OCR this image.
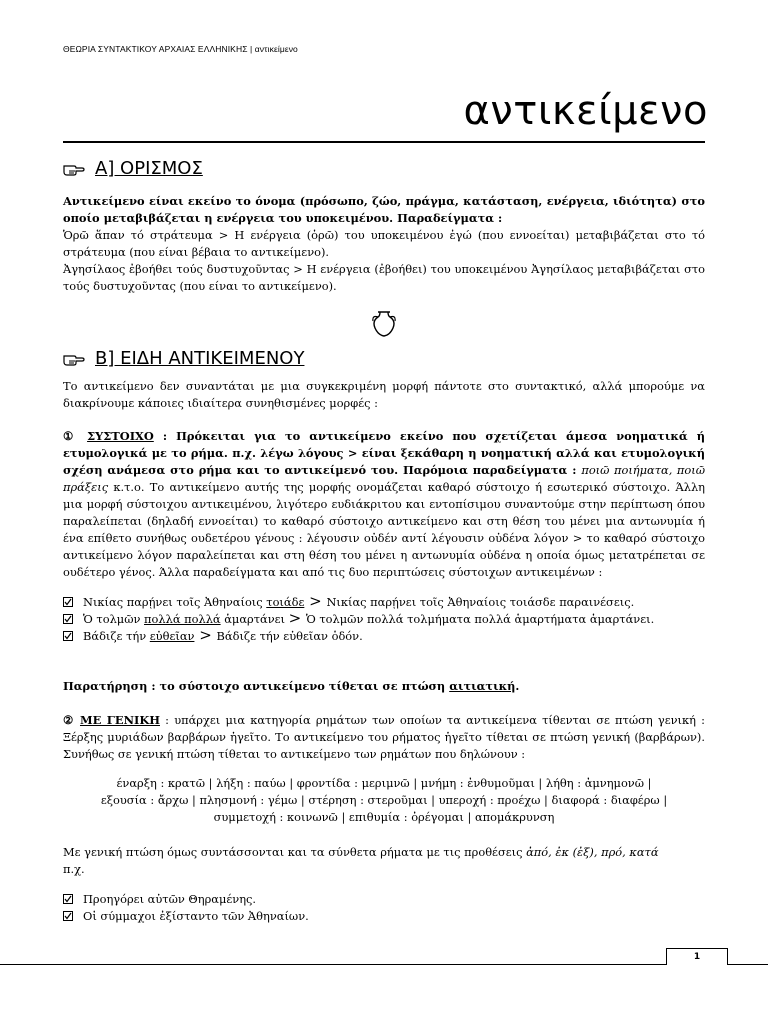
ΘΕΩΡΙΑ ΣΥΝΤΑΚΤΙΚΟΥ ΑΡΧΑΙΑΣ ΕΛΛΗΝΙΚΗΣ | αντικείμενο
αντικείμενο
Α] ΟΡΙΣΜΟΣ

Αντικείμενο είναι εκείνο το όνομα (πρόσωπο, ζώο, πράγμα, κατάσταση, ενέργεια, ιδιότητα) στο οποίο μεταβιβάζεται η ενέργεια του υποκειμένου. Παραδείγματα :

Ὁρῶ ἅπαν τό στράτευμα > Η ενέργεια (ὁρῶ) του υποκειμένου ἐγώ (που εννοείται) μεταβιβάζεται στο τό στράτευμα (που είναι βέβαια το αντικείμενο).

Ἀγησίλαος ἐβοήθει τούς δυστυχοῦντας > Η ενέργεια (ἐβοήθει) του υποκειμένου Ἀγησίλαος μεταβιβάζεται στο τούς δυστυχοῦντας (που είναι το αντικείμενο).

Β] ΕΙΔΗ ΑΝΤΙΚΕΙΜΕΝΟΥ

Το αντικείμενο δεν συναντάται με μια συγκεκριμένη μορφή πάντοτε στο συντακτικό, αλλά μπορούμε να διακρίνουμε κάποιες ιδιαίτερα συνηθισμένες μορφές :

① ΣΥΣΤΟΙΧΟ : Πρόκειται για το αντικείμενο εκείνο που σχετίζεται άμεσα νοηματικά ή ετυμολογικά με το ρήμα. π.χ. λέγω λόγους > είναι ξεκάθαρη η νοηματική αλλά και ετυμολογική σχέση ανάμεσα στο ρήμα και το αντικείμενό του. Παρόμοια παραδείγματα : ποιῶ ποιήματα, ποιῶ πράξεις κ.τ.ο. Το αντικείμενο αυτής της μορφής ονομάζεται καθαρό σύστοιχο ή εσωτερικό σύστοιχο. Άλλη μια μορφή σύστοιχου αντικειμένου, λιγότερο ευδιάκριτου και εντοπίσιμου συναντούμε στην περίπτωση όπου παραλείπεται (δηλαδή εννοείται) το καθαρό σύστοιχο αντικείμενο και στη θέση του μένει μια αντωνυμία ή ένα επίθετο συνήθως ουδετέρου γένους : λέγουσιν οὐδέν αντί λέγουσιν οὐδένα λόγον > το καθαρό σύστοιχο αντικείμενο λόγον παραλείπεται και στη θέση του μένει η αντωνυμία οὐδένα η οποία όμως μετατρέπεται σε ουδέτερο γένος. Άλλα παραδείγματα και από τις δυο περιπτώσεις σύστοιχων αντικειμένων :

Νικίας παρῄνει τοῖς Ἀθηναίοις τοιάδε > Νικίας παρῄνει τοῖς Ἀθηναίοις τοιάσδε παραινέσεις.
Ὁ τολμῶν πολλά πολλά ἁμαρτάνει > Ὁ τολμῶν πολλά τολμήματα πολλά ἁμαρτήματα ἁμαρτάνει.
Βάδιζε τήν εὐθεῖαν > Βάδιζε τήν εὐθεῖαν ὁδόν.

Παρατήρηση : το σύστοιχο αντικείμενο τίθεται σε πτώση αιτιατική.

② ΜΕ ΓΕΝΙΚΗ : υπάρχει μια κατηγορία ρημάτων των οποίων τα αντικείμενα τίθενται σε πτώση γενική : Ξέρξης μυριάδων βαρβάρων ἡγεῖτο. Το αντικείμενο του ρήματος ἡγεῖτο τίθεται σε πτώση γενική (βαρβάρων). Συνήθως σε γενική πτώση τίθεται το αντικείμενο των ρημάτων που δηλώνουν :

έναρξη : κρατῶ | λήξη : παύω | φροντίδα : μεριμνῶ | μνήμη : ἐνθυμοῦμαι | λήθη : ἀμνημονῶ |
εξουσία : ἄρχω | πλησμονή : γέμω | στέρηση : στεροῦμαι | υπεροχή : προέχω | διαφορά : διαφέρω |
συμμετοχή : κοινωνῶ | επιθυμία : ὀρέγομαι | απομάκρυνση

Με γενική πτώση όμως συντάσσονται και τα σύνθετα ρήματα με τις προθέσεις ἀπό, ἐκ (ἐξ), πρό, κατά

π.χ.

Προηγόρει αὐτῶν Θηραμένης.
Οἱ σύμμαχοι ἐξίσταντο τῶν Ἀθηναίων.
1
